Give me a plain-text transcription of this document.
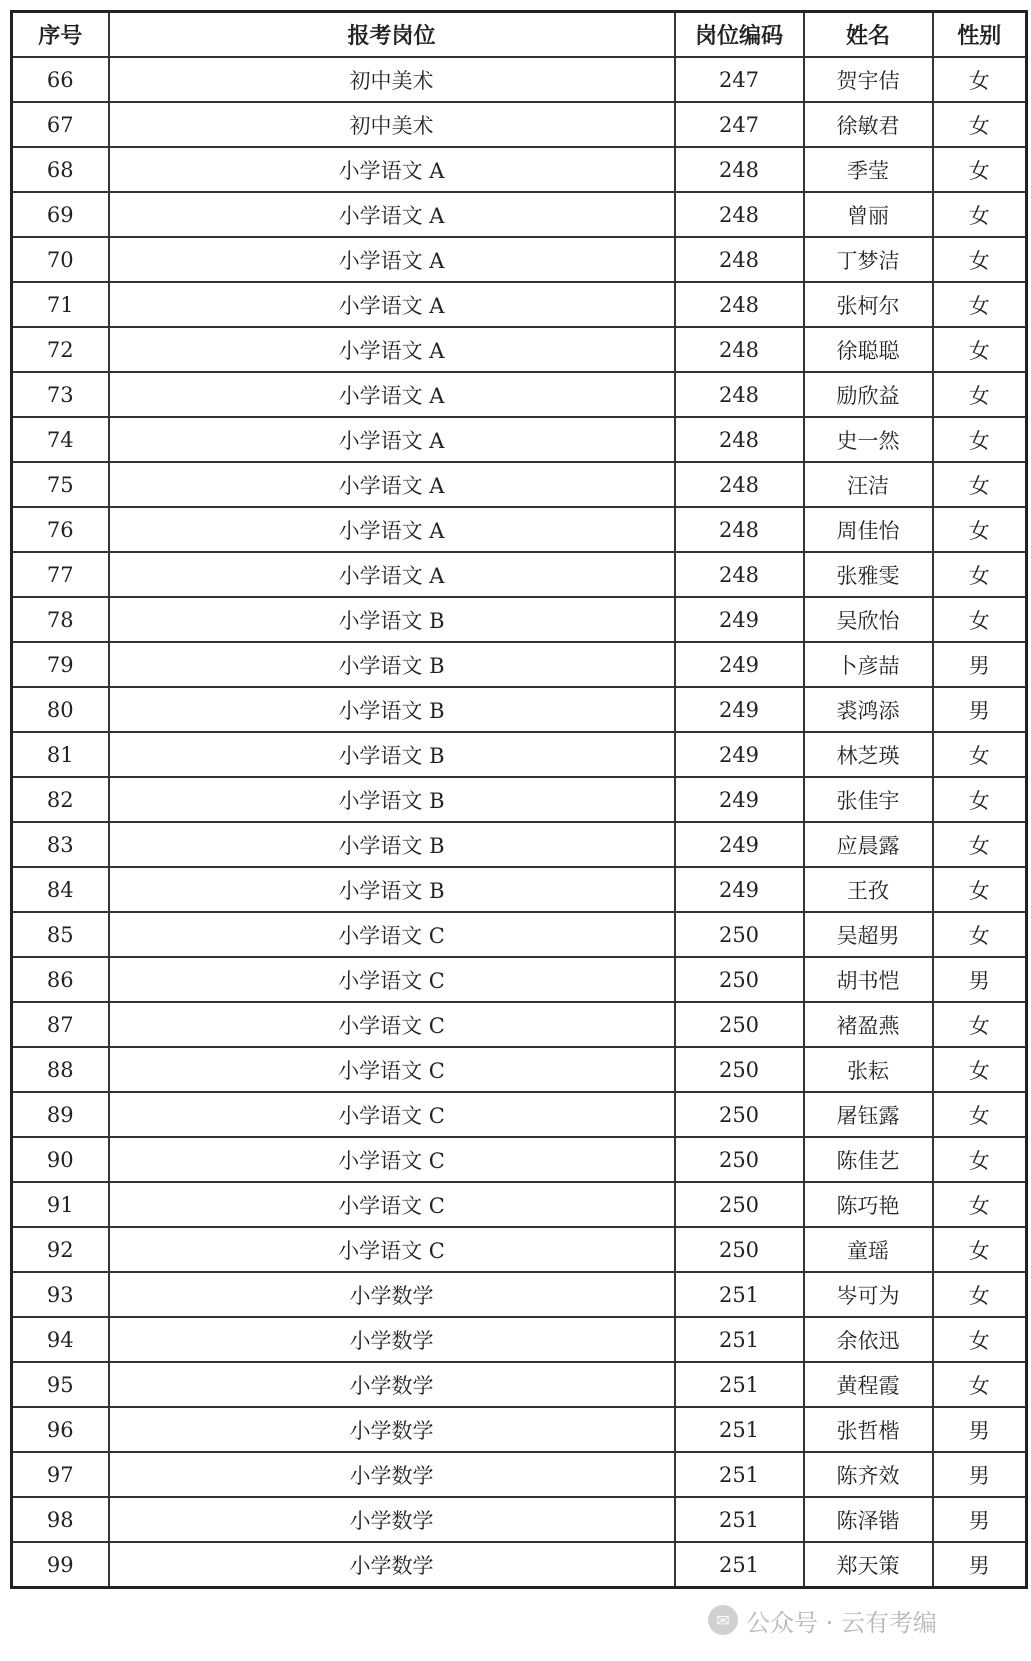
序号	报考岗位	岗位编码	姓名	性别
66	初中美术	247	贺宇佶	女
67	初中美术	247	徐敏君	女
68	小学语文 A	248	季莹	女
69	小学语文 A	248	曾丽	女
70	小学语文 A	248	丁梦洁	女
71	小学语文 A	248	张柯尔	女
72	小学语文 A	248	徐聪聪	女
73	小学语文 A	248	励欣益	女
74	小学语文 A	248	史一然	女
75	小学语文 A	248	汪洁	女
76	小学语文 A	248	周佳怡	女
77	小学语文 A	248	张雅雯	女
78	小学语文 B	249	吴欣怡	女
79	小学语文 B	249	卜彦喆	男
80	小学语文 B	249	裘鸿添	男
81	小学语文 B	249	林芝瑛	女
82	小学语文 B	249	张佳宇	女
83	小学语文 B	249	应晨露	女
84	小学语文 B	249	王孜	女
85	小学语文 C	250	吴超男	女
86	小学语文 C	250	胡书恺	男
87	小学语文 C	250	褚盈燕	女
88	小学语文 C	250	张耘	女
89	小学语文 C	250	屠钰露	女
90	小学语文 C	250	陈佳艺	女
91	小学语文 C	250	陈巧艳	女
92	小学语文 C	250	童瑶	女
93	小学数学	251	岑可为	女
94	小学数学	251	余依迅	女
95	小学数学	251	黄程霞	女
96	小学数学	251	张哲楷	男
97	小学数学	251	陈齐效	男
98	小学数学	251	陈泽锴	男
99	小学数学	251	郑天策	男
✉ 公众号 · 云有考编
